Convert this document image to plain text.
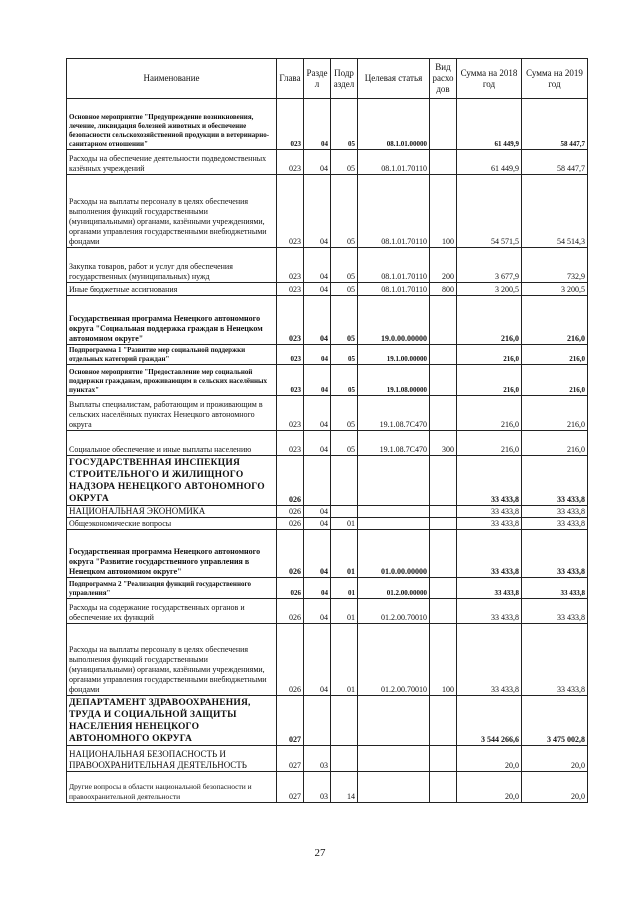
Наименование	Глава	Разде л	Подр аздел	Целевая статья	Вид расхо дов	Сумма на 2018 год	Сумма на 2019 год
Основное мероприятие "Предупреждение возникновения, лечение, ликвидация болезней животных и обеспечение безопасности сельскохозяйственной продукции в ветеринарно-санитарном отношении"	023	04	05	08.1.01.00000		61 449,9	58 447,7
Расходы на обеспечение деятельности подведомственных казённых учреждений	023	04	05	08.1.01.70110		61 449,9	58 447,7
Расходы на выплаты персоналу в целях обеспечения выполнения функций государственными (муниципальными) органами, казёнными учреждениями, органами управления государственными внебюджетными фондами	023	04	05	08.1.01.70110	100	54 571,5	54 514,3
Закупка товаров, работ и услуг для обеспечения государственных (муниципальных) нужд	023	04	05	08.1.01.70110	200	3 677,9	732,9
Иные бюджетные ассигнования	023	04	05	08.1.01.70110	800	3 200,5	3 200,5
Государственная программа Ненецкого автономного округа "Социальная поддержка граждан в Ненецком автономном округе"	023	04	05	19.0.00.00000		216,0	216,0
Подпрограмма 1 "Развитие мер социальной поддержки отдельных категорий граждан"	023	04	05	19.1.00.00000		216,0	216,0
Основное мероприятие "Предоставление мер социальной поддержки гражданам, проживающим в сельских населённых пунктах"	023	04	05	19.1.08.00000		216,0	216,0
Выплаты специалистам, работающим и проживающим в сельских населённых пунктах Ненецкого автономного округа	023	04	05	19.1.08.7С470		216,0	216,0
Социальное обеспечение и иные выплаты населению	023	04	05	19.1.08.7С470	300	216,0	216,0
ГОСУДАРСТВЕННАЯ ИНСПЕКЦИЯ СТРОИТЕЛЬНОГО И ЖИЛИЩНОГО НАДЗОРА НЕНЕЦКОГО АВТОНОМНОГО ОКРУГА	026					33 433,8	33 433,8
НАЦИОНАЛЬНАЯ ЭКОНОМИКА	026	04				33 433,8	33 433,8
Общеэкономические вопросы	026	04	01			33 433,8	33 433,8
Государственная программа Ненецкого автономного округа "Развитие государственного управления в Ненецком автономном округе"	026	04	01	01.0.00.00000		33 433,8	33 433,8
Подпрограмма 2 "Реализация функций государственного управления"	026	04	01	01.2.00.00000		33 433,8	33 433,8
Расходы на содержание государственных органов и обеспечение их функций	026	04	01	01.2.00.70010		33 433,8	33 433,8
Расходы на выплаты персоналу в целях обеспечения выполнения функций государственными (муниципальными) органами, казёнными учреждениями, органами управления государственными внебюджетными фондами	026	04	01	01.2.00.70010	100	33 433,8	33 433,8
ДЕПАРТАМЕНТ ЗДРАВООХРАНЕНИЯ, ТРУДА И СОЦИАЛЬНОЙ ЗАЩИТЫ НАСЕЛЕНИЯ НЕНЕЦКОГО АВТОНОМНОГО ОКРУГА	027					3 544 266,6	3 475 002,8
НАЦИОНАЛЬНАЯ БЕЗОПАСНОСТЬ И ПРАВООХРАНИТЕЛЬНАЯ ДЕЯТЕЛЬНОСТЬ	027	03				20,0	20,0
Другие вопросы в области национальной безопасности и правоохранительной деятельности	027	03	14			20,0	20,0
27
